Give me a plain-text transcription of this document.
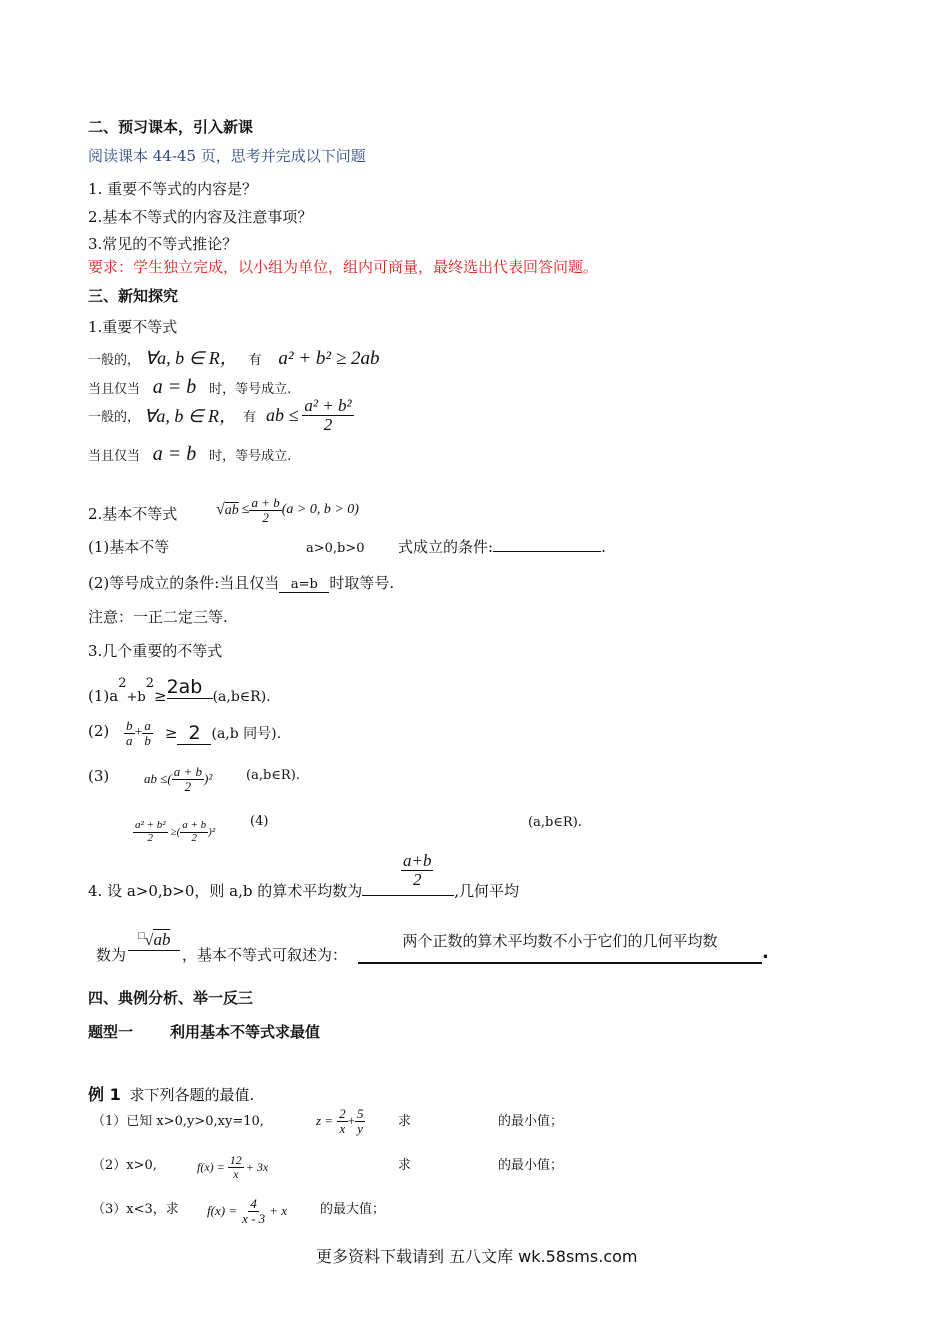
二、预习课本，引入新课
阅读课本 44-45 页，思考并完成以下问题
1. 重要不等式的内容是？
2.基本不等式的内容及注意事项？
3.常见的不等式推论？
要求：学生独立完成，以小组为单位，组内可商量，最终选出代表回答问题。
三、新知探究
1.重要不等式
一般的， ∀a, b ∈ R， 有 a² + b² ≥ 2ab
当且仅当 a = b 时，等号成立.
一般的， ∀a, b ∈ R， 有 ab ≤ $\frac{\text{a² + b²}}{2}$
当且仅当 a = b 时，等号成立.
2.基本不等式 √ ab ≤ $\frac{a + b}{2} (a > 0$, b > 0)
(1)基本不等	a>0,b>0 式成立的条件:	.
(2)等号成立的条件:当且仅当 a=b 时取等号.
注意：一正二定三等.
3.几个重要的不等式
$(1)a^2+b^2\ge 2ab$ (a,b∈R).
$(2) \frac{b}{a} + \frac{a}{b} \ge 2$ (a,b 同号).
(3)	ab ≤( $\frac{a + b}{2} )^2$	(a,b∈R).
$\frac{\text{a² + b²}}{2}$ ≥( $\frac{a + b}{2} )^2$
(4)	(a,b∈R).
4. 设 a>0,b>0，则 a,b 的算术平均数为	,几何平均
$\frac{a+b}{2}$
数为
□√ab
，基本不等式可叙述为：
两个正数的算术平均数不小于它们的几何平均数
.
四、典例分析、举一反三
题型一 利用基本不等式求最值
例 1 求下列各题的最值.
（1）已知 x>0,y>0,xy=10,	$z = \frac{2}{x} + \frac{5}{y}$	求	的最小值；
（2）x>0,	$f(x) = \frac{12}{x} + 3x$	求	的最小值；
（3）x<3，求 $f(x) = \frac{4}{x - 3} + x$	的最大值；
更多资料下载请到 五八文库 wk.58sms.com
